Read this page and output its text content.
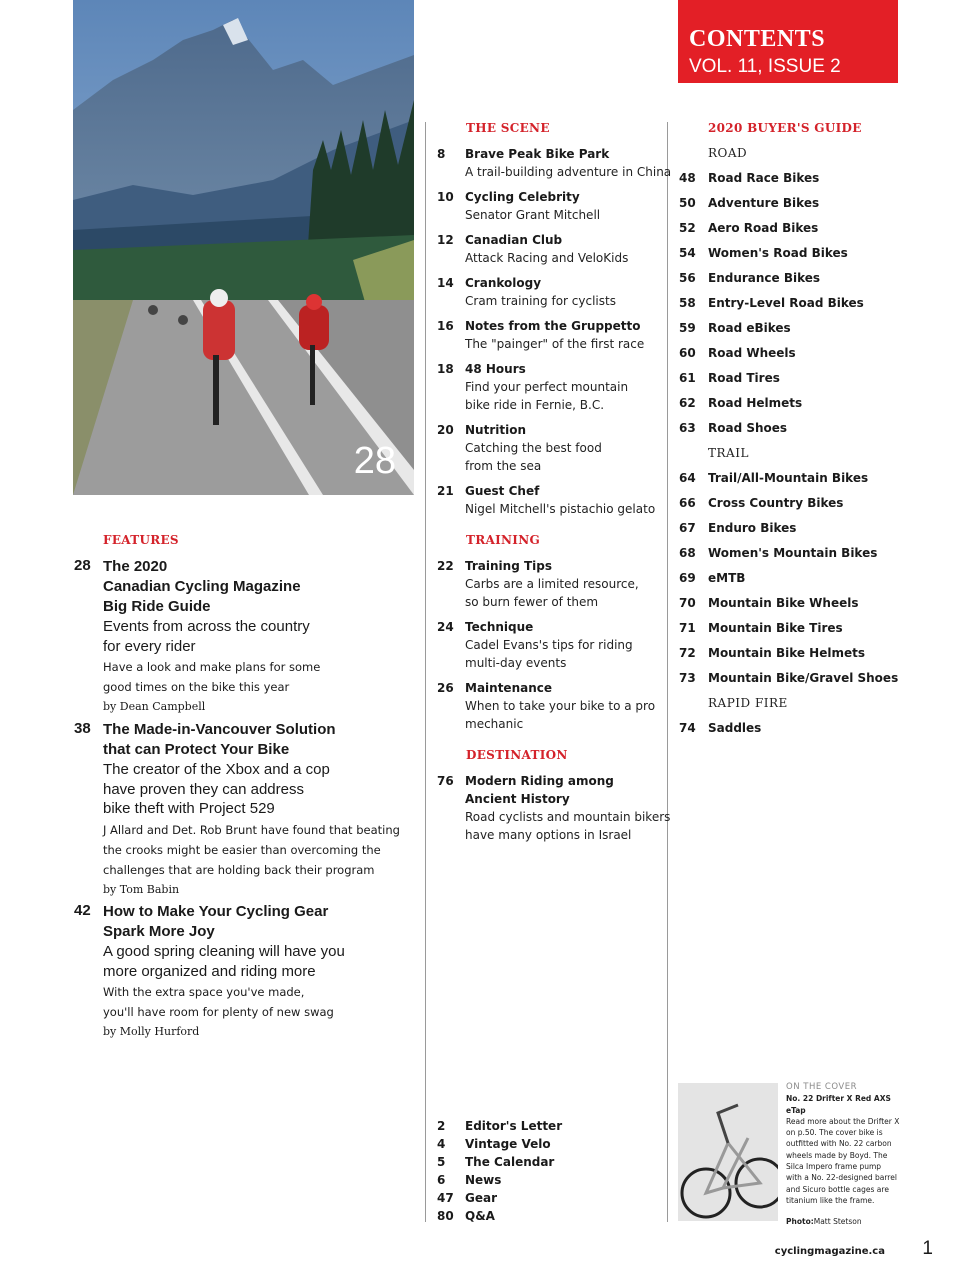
28
CONTENTS
VOL. 11, ISSUE 2
FEATURES
28 The 2020
Canadian Cycling Magazine
Big Ride Guide
Events from across the country
for every rider
Have a look and make plans for some
good times on the bike this year
by Dean Campbell
38 The Made-in-Vancouver Solution
that can Protect Your Bike
The creator of the Xbox and a cop
have proven they can address
bike theft with Project 529
J Allard and Det. Rob Brunt have found that beating
the crooks might be easier than overcoming the
challenges that are holding back their program
by Tom Babin
42 How to Make Your Cycling Gear
Spark More Joy
A good spring cleaning will have you
more organized and riding more
With the extra space you've made,
you'll have room for plenty of new swag
by Molly Hurford
THE SCENE
8 Brave Peak Bike Park
A trail-building adventure in China
10 Cycling Celebrity
Senator Grant Mitchell
12 Canadian Club
Attack Racing and VeloKids
14 Crankology
Cram training for cyclists
16 Notes from the Gruppetto
The "painger" of the first race
18 48 Hours
Find your perfect mountain
bike ride in Fernie, B.C.
20 Nutrition
Catching the best food
from the sea
21 Guest Chef
Nigel Mitchell's pistachio gelato
TRAINING
22 Training Tips
Carbs are a limited resource,
so burn fewer of them
24 Technique
Cadel Evans's tips for riding
multi-day events
26 Maintenance
When to take your bike to a pro
mechanic
DESTINATION
76 Modern Riding among
Ancient History
Road cyclists and mountain bikers
have many options in Israel
2 Editor's Letter
4 Vintage Velo
5 The Calendar
6 News
47 Gear
80 Q&A
2020 BUYER'S GUIDE
ROAD
48 Road Race Bikes
50 Adventure Bikes
52 Aero Road Bikes
54 Women's Road Bikes
56 Endurance Bikes
58 Entry-Level Road Bikes
59 Road eBikes
60 Road Wheels
61 Road Tires
62 Road Helmets
63 Road Shoes
TRAIL
64 Trail/All-Mountain Bikes
66 Cross Country Bikes
67 Enduro Bikes
68 Women's Mountain Bikes
69 eMTB
70 Mountain Bike Wheels
71 Mountain Bike Tires
72 Mountain Bike Helmets
73 Mountain Bike/Gravel Shoes
RAPID FIRE
74 Saddles
ON THE COVER
No. 22 Drifter X Red AXS eTap
Read more about the Drifter X
on p.50. The cover bike is
outfitted with No. 22 carbon
wheels made by Boyd. The
Silca Impero frame pump
with a No. 22-designed barrel
and Sicuro bottle cages are
titanium like the frame.
Photo:Matt Stetson
cyclingmagazine.ca 1
